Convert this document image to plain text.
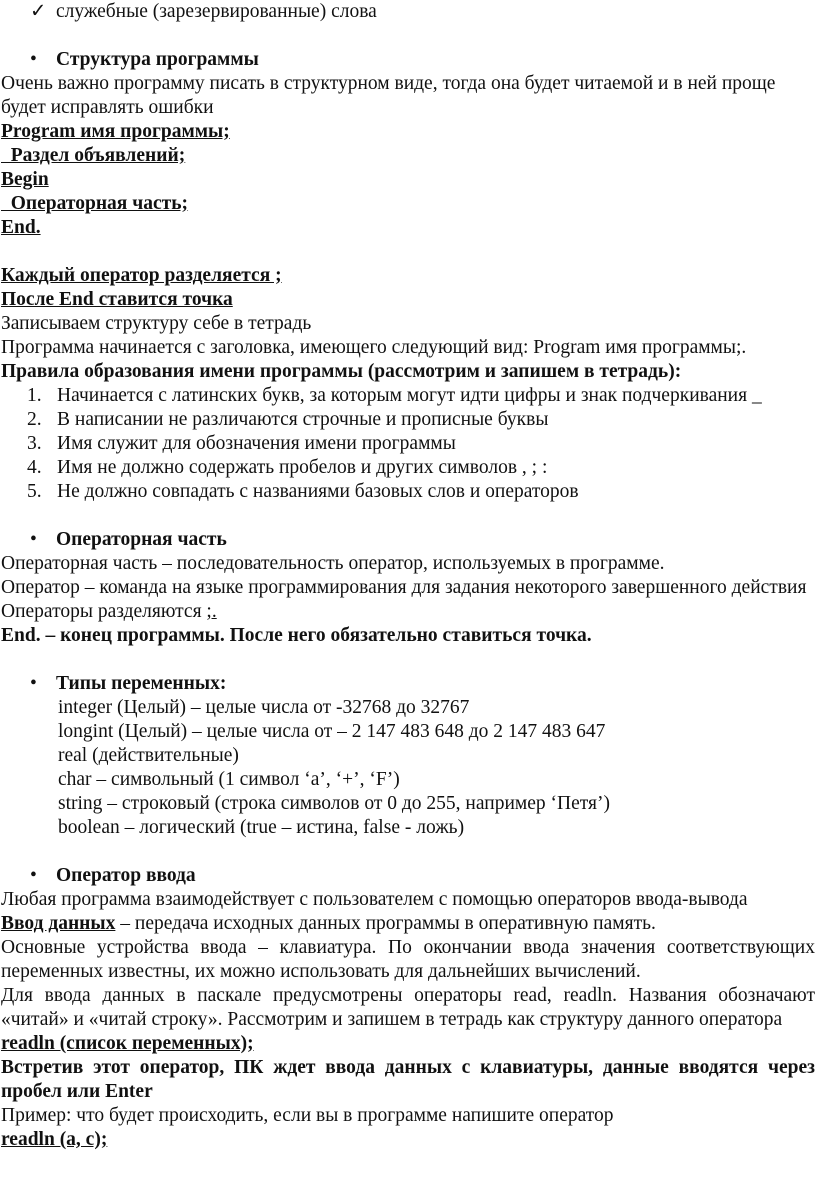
✓ служебные (зарезервированные) слова

• Структура программы

Очень важно программу писать в структурном виде, тогда она будет читаемой и в ней проще будет исправлять ошибки

Program имя программы;

Раздел объявлений;

Begin

Операторная часть;

End.

Каждый оператор разделяется ;

После End ставится точка

Записываем структуру себе в тетрадь

Программа начинается с заголовка, имеющего следующий вид: Program имя программы;.

Правила образования имени программы (рассмотрим и запишем в тетрадь):

1. Начинается с латинских букв, за которым могут идти цифры и знак подчеркивания _
2. В написании не различаются строчные и прописные буквы
3. Имя служит для обозначения имени программы
4. Имя не должно содержать пробелов и других символов , ; :
5. Не должно совпадать с названиями базовых слов и операторов

• Операторная часть

Операторная часть – последовательность оператор, используемых в программе.

Оператор – команда на языке программирования для задания некоторого завершенного действия

Операторы разделяются ;.

End. – конец программы. После него обязательно ставиться точка.

• Типы переменных:

integer (Целый) – целые числа от -32768 до 32767

longint (Целый) – целые числа от – 2 147 483 648 до 2 147 483 647

real (действительные)

char – символьный (1 символ ‘a’, ‘+’, ‘F’)

string – строковый (строка символов от 0 до 255, например ‘Петя’)

boolean – логический (true – истина, false - ложь)

• Оператор ввода

Любая программа взаимодействует с пользователем с помощью операторов ввода-вывода

Ввод данных – передача исходных данных программы в оперативную память.

Основные устройства ввода – клавиатура. По окончании ввода значения соответствующих переменных известны, их можно использовать для дальнейших вычислений.

Для ввода данных в паскале предусмотрены операторы read, readln. Названия обозначают «читай» и «читай строку». Рассмотрим и запишем в тетрадь как структуру данного оператора

readln (список переменных);

Встретив этот оператор, ПК ждет ввода данных с клавиатуры, данные вводятся через пробел или Enter

Пример: что будет происходить, если вы в программе напишите оператор

readln (a, c);
